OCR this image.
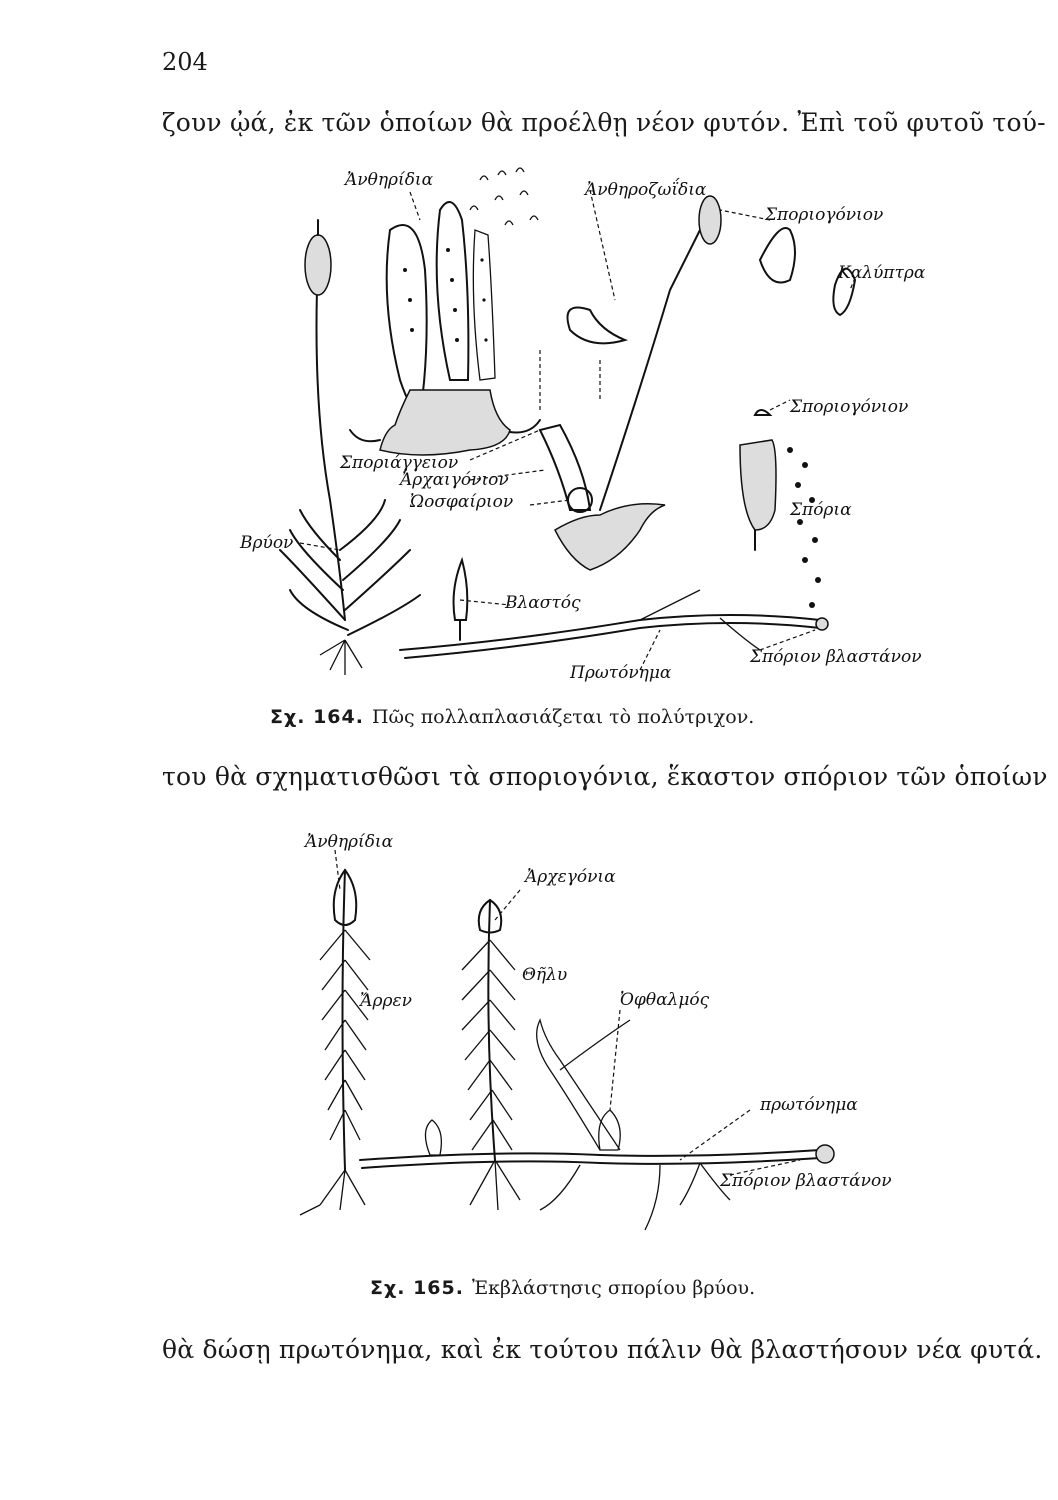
204
ζουν ᾠά, ἐκ τῶν ὁποίων θὰ προέλθῃ νέον φυτόν. Ἐπὶ τοῦ φυτοῦ τού-
Ἀνθηρίδια	Ἀνθηροζωΐδια
Σποριογόνιον
Καλύπτρα
Σποριογόνιον
Σπόρια
Σποριάγγειον
Ἀρχαιγόνιον
Ὠοσφαίριον
Βρύον
Βλαστός
Πρωτόνημα
Σπόριον βλαστάνον
Σχ. 164. Πῶς πολλαπλασιάζεται τὸ πολύτριχον.
του θὰ σχηματισθῶσι τὰ σποριογόνια, ἕκαστον σπόριον τῶν ὁποίων
Ἀνθηρίδια
Ἀρχεγόνια
Ἄρρεν
Θῆλυ
Ὀφθαλμός
πρωτόνημα
Σπόριον βλαστάνον
Σχ. 165. Ἐκβλάστησις σπορίου βρύου.
θὰ δώσῃ πρωτόνημα, καὶ ἐκ τούτου πάλιν θὰ βλαστήσουν νέα φυτά.
